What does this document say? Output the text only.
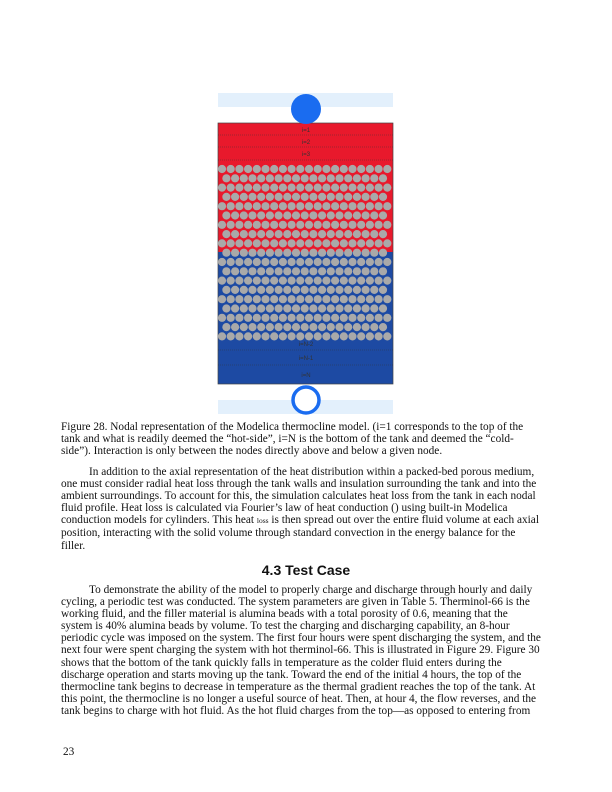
i=1
i=2
i=3
i=N-2
i=N-1
i=N
Figure 28. Nodal representation of the Modelica thermocline model. (i=1 corresponds to the top of the
tank and what is readily deemed the “hot-side”, i=N is the bottom of the tank and deemed the “cold-
side”). Interaction is only between the nodes directly above and below a given node.
In addition to the axial representation of the heat distribution within a packed-bed porous medium,
one must consider radial heat loss through the tank walls and insulation surrounding the tank and into the
ambient surroundings. To account for this, the simulation calculates heat loss from the tank in each nodal
fluid profile. Heat loss is calculated via Fourier’s law of heat conduction () using built-in Modelica
conduction models for cylinders. This heat loss is then spread out over the entire fluid volume at each axial
position, interacting with the solid volume through standard convection in the energy balance for the
filler.
4.3 Test Case
To demonstrate the ability of the model to properly charge and discharge through hourly and daily
cycling, a periodic test was conducted. The system parameters are given in Table 5. Therminol-66 is the
working fluid, and the filler material is alumina beads with a total porosity of 0.6, meaning that the
system is 40% alumina beads by volume. To test the charging and discharging capability, an 8-hour
periodic cycle was imposed on the system. The first four hours were spent discharging the system, and the
next four were spent charging the system with hot therminol-66. This is illustrated in Figure 29. Figure 30
shows that the bottom of the tank quickly falls in temperature as the colder fluid enters during the
discharge operation and starts moving up the tank. Toward the end of the initial 4 hours, the top of the
thermocline tank begins to decrease in temperature as the thermal gradient reaches the top of the tank. At
this point, the thermocline is no longer a useful source of heat. Then, at hour 4, the flow reverses, and the
tank begins to charge with hot fluid. As the hot fluid charges from the top—as opposed to entering from
23
